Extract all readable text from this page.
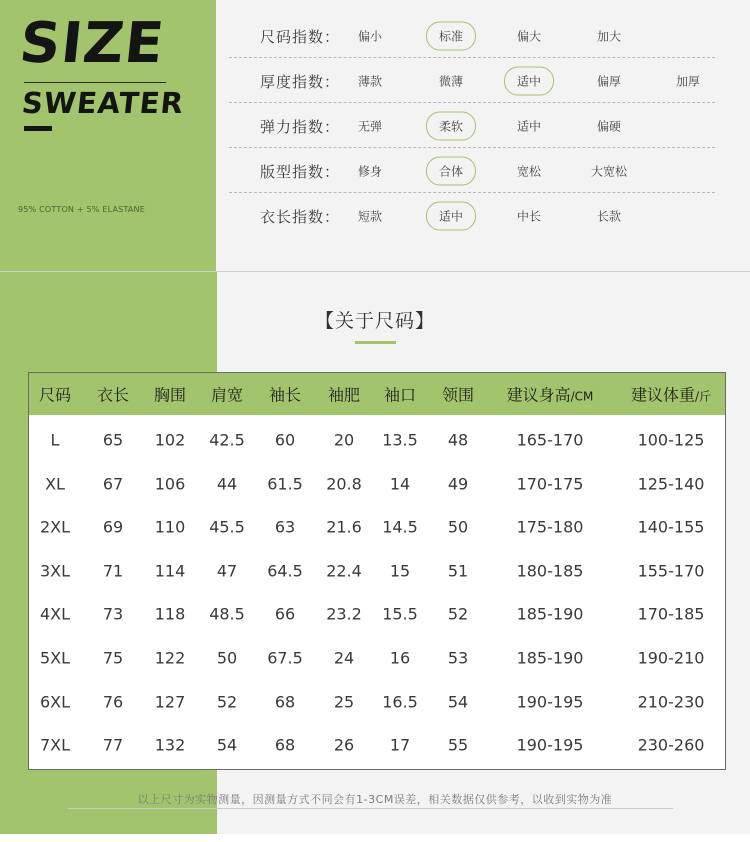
SIZE
SWEATER
95% COTTON + 5% ELASTANE
尺码指数：	偏小	标准	偏大	加大
厚度指数：	薄款	微薄	适中	偏厚	加厚
弹力指数：	无弹	柔软	适中	偏硬
版型指数：	修身	合体	宽松	大宽松
衣长指数：	短款	适中	中长	长款
【关于尺码】
尺码 衣长 胸围 肩宽 袖长 袖肥 袖口 领围 建议身高/CM 建议体重/斤
L	65 102 42.5 60 20 13.5 48	165-170	100-125
XL 67 106 44 61.5 20.8 14 49	170-175	125-140
2XL 69 110 45.5 63 21.6 14.5 50	175-180	140-155
3XL 71 114 47 64.5 22.4 15 51	180-185	155-170
4XL 73 118 48.5 66 23.2 15.5 52	185-190	170-185
5XL 75 122 50 67.5 24 16 53	185-190	190-210
6XL 76 127 52 68 25 16.5 54	190-195	210-230
7XL 77 132 54 68 26 17 55	190-195	230-260
以上尺寸为实物测量，因测量方式不同会有1-3CM误差，相关数据仅供参考，以收到实物为准
